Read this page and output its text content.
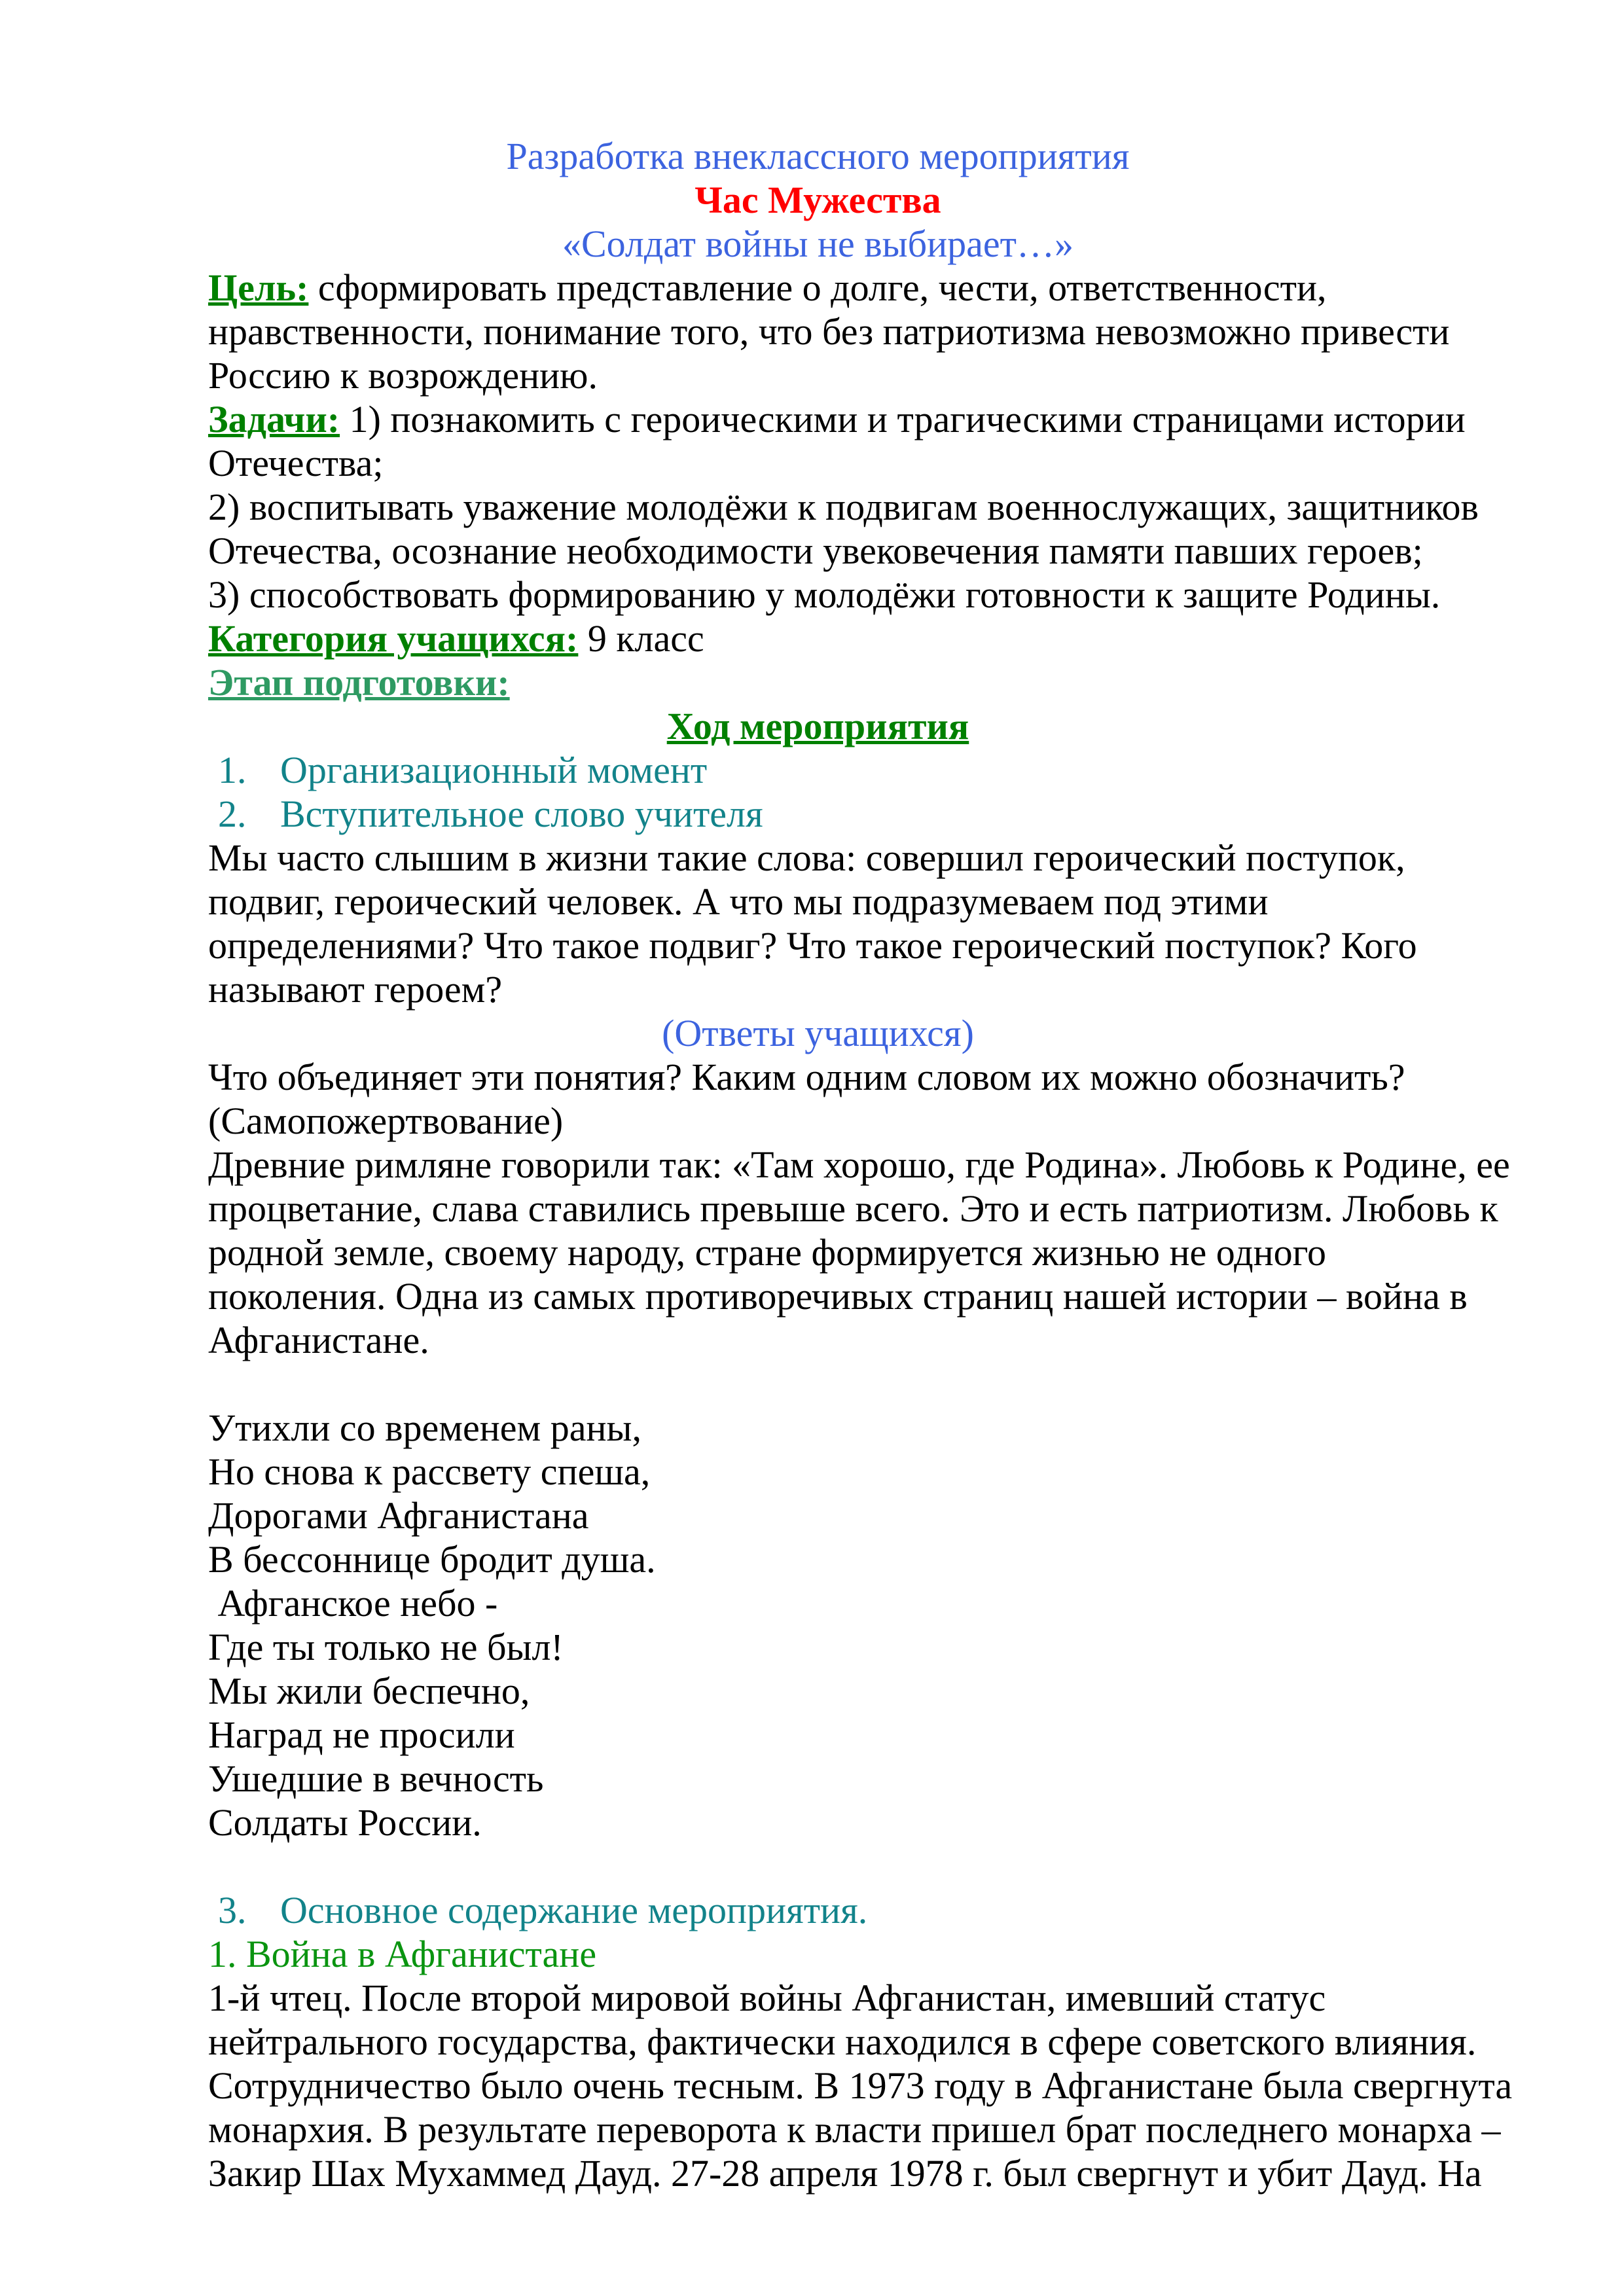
Разработка внеклассного мероприятия

Час Мужества

«Солдат войны не выбирает…»

Цель: сформировать представление о долге, чести, ответственности,

нравственности, понимание того, что без патриотизма невозможно привести

Россию к возрождению.

Задачи: 1) познакомить с героическими и трагическими страницами истории

Отечества;

2) воспитывать уважение молодёжи к подвигам военнослужащих, защитников

Отечества, осознание необходимости увековечения памяти павших героев;

3) способствовать формированию у молодёжи готовности к защите Родины.

Категория учащихся: 9 класс

Этап подготовки:

Ход мероприятия

1. Организационный момент

2. Вступительное слово учителя

Мы часто слышим в жизни такие слова: совершил героический поступок,

подвиг, героический человек. А что мы подразумеваем под этими

определениями? Что такое подвиг? Что такое героический поступок? Кого

называют героем?

(Ответы учащихся)

Что объединяет эти понятия? Каким одним словом их можно обозначить?

(Самопожертвование)

Древние римляне говорили так: «Там хорошо, где Родина». Любовь к Родине, ее

процветание, слава ставились превыше всего. Это и есть патриотизм. Любовь к

родной земле, своему народу, стране формируется жизнью не одного

поколения. Одна из самых противоречивых страниц нашей истории – война в

Афганистане.

Утихли со временем раны,

Но снова к рассвету спеша,

Дорогами Афганистана

В бессоннице бродит душа.

Афганское небо -

Где ты только не был!

Мы жили беспечно,

Наград не просили

Ушедшие в вечность

Солдаты России.

3. Основное содержание мероприятия.

1. Война в Афганистане

1-й чтец. После второй мировой войны Афганистан, имевший статус

нейтрального государства, фактически находился в сфере советского влияния.

Сотрудничество было очень тесным. В 1973 году в Афганистане была свергнута

монархия. В результате переворота к власти пришел брат последнего монарха –

Закир Шах Мухаммед Дауд. 27-28 апреля 1978 г. был свергнут и убит Дауд. На
